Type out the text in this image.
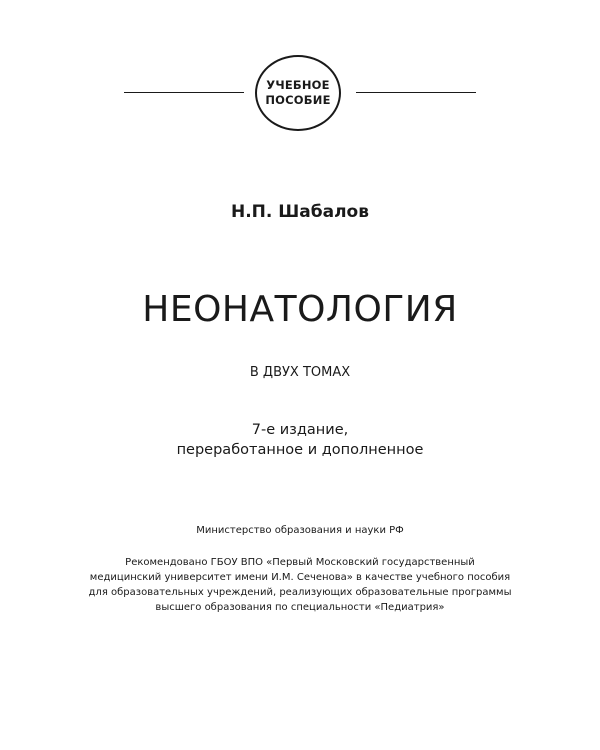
УЧЕБНОЕ
ПОСОБИЕ
Н.П. Шабалов
НЕОНАТОЛОГИЯ
В ДВУХ ТОМАХ
7-е издание,
переработанное и дополненное
Министерство образования и науки РФ
Рекомендовано ГБОУ ВПО «Первый Московский государственный
медицинский университет имени И.М. Сеченова» в качестве учебного пособия
для образовательных учреждений, реализующих образовательные программы
высшего образования по специальности «Педиатрия»
